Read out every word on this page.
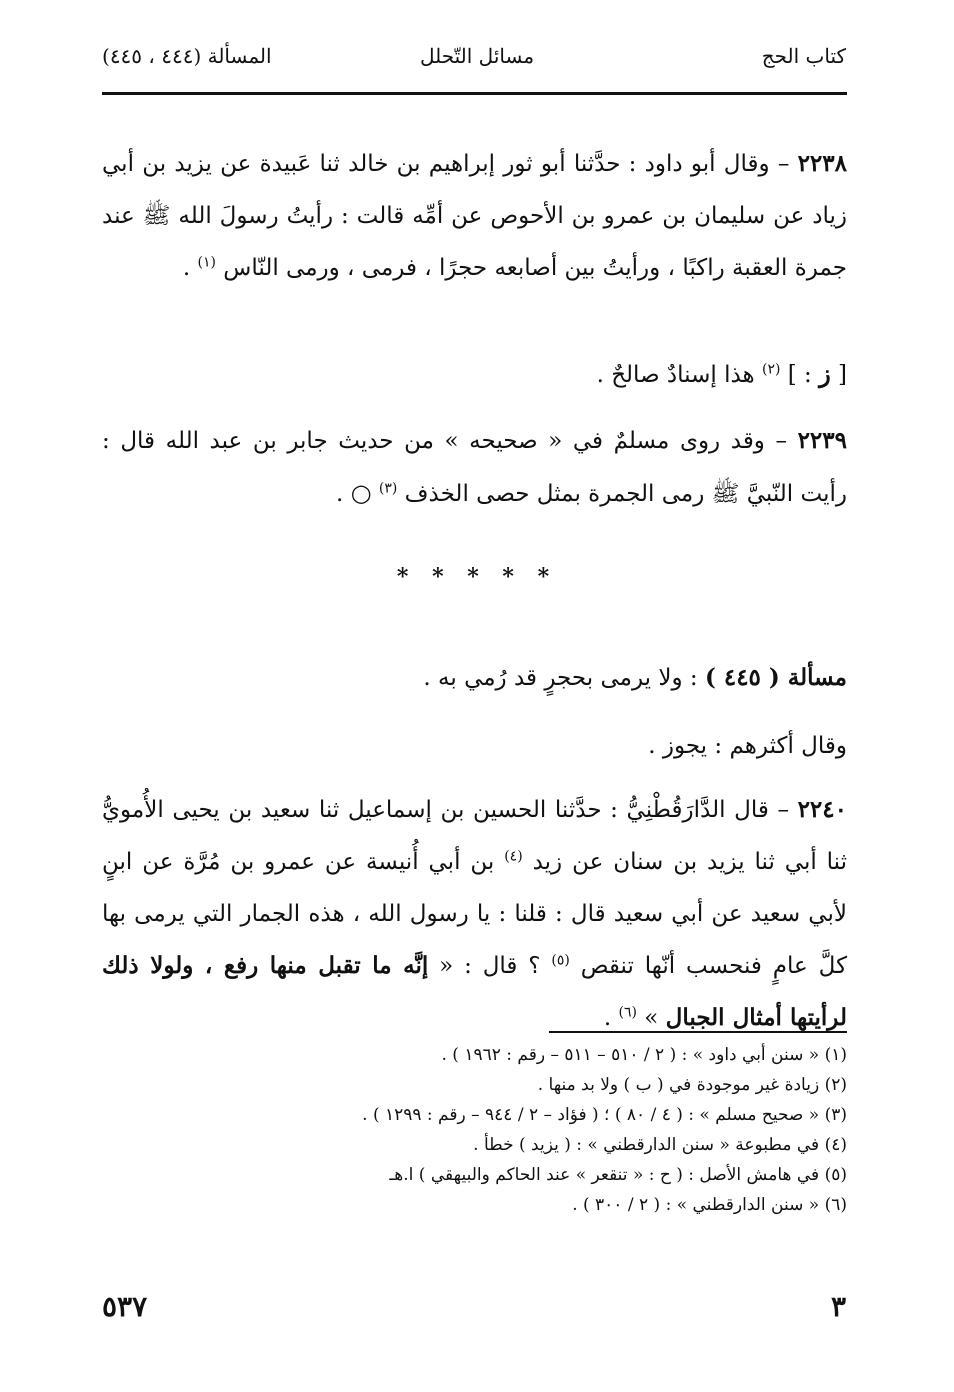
كتاب الحج
مسائل التّحلل
المسألة (٤٤٤ ، ٤٤٥)
٢٢٣٨ – وقال أبو داود : حدَّثنا أبو ثور إبراهيم بن خالد ثنا عَبيدة عن يزيد بن أبي زياد عن سليمان بن عمرو بن الأحوص عن أمِّه قالت : رأيتُ رسولَ الله ﷺ عند جمرة العقبة راكبًا ، ورأيتُ بين أصابعه حجرًا ، فرمى ، ورمى النّاس $^{(١)}$ .
[ ز : ] $^{(٢)}$ هذا إسنادٌ صالحٌ .
٢٢٣٩ – وقد روى مسلمٌ في « صحيحه » من حديث جابر بن عبد الله قال : رأيت النّبيَّ ﷺ رمى الجمرة بمثل حصى الخذف $^{(٣)}$ ○ .
* * * * *
مسألة ( ٤٤٥ ) : ولا يرمى بحجرٍ قد رُمي به .
وقال أكثرهم : يجوز .
٢٢٤٠ – قال الدَّارَقُطْنِيُّ : حدَّثنا الحسين بن إسماعيل ثنا سعيد بن يحيى الأُمويُّ ثنا أبي ثنا يزيد بن سنان عن زيد $^{(٤)}$ بن أبي أُنيسة عن عمرو بن مُرَّة عن ابنٍ لأبي سعيد عن أبي سعيد قال : قلنا : يا رسول الله ، هذه الجمار التي يرمى بها كلَّ عامٍ فنحسب أنّها تنقص $^{(٥)}$ ؟ قال : « إنَّه ما تقبل منها رفع ، ولولا ذلك لرأيتها أمثال الجبال » $^{(٦)}$ .
(١) « سنن أبي داود » : ( ٢ / ٥١٠ – ٥١١ – رقم : ١٩٦٢ ) .
(٢) زيادة غير موجودة في ( ب ) ولا بد منها .
(٣) « صحيح مسلم » : ( ٤ / ٨٠ ) ؛ ( فؤاد – ٢ / ٩٤٤ – رقم : ١٢٩٩ ) .
(٤) في مطبوعة « سنن الدارقطني » : ( يزيد ) خطأ .
(٥) في هامش الأصل : ( ح : « تنقعر » عند الحاكم والبيهقي ) ا.هـ
(٦) « سنن الدارقطني » : ( ٢ / ٣٠٠ ) .
٣
٥٣٧
